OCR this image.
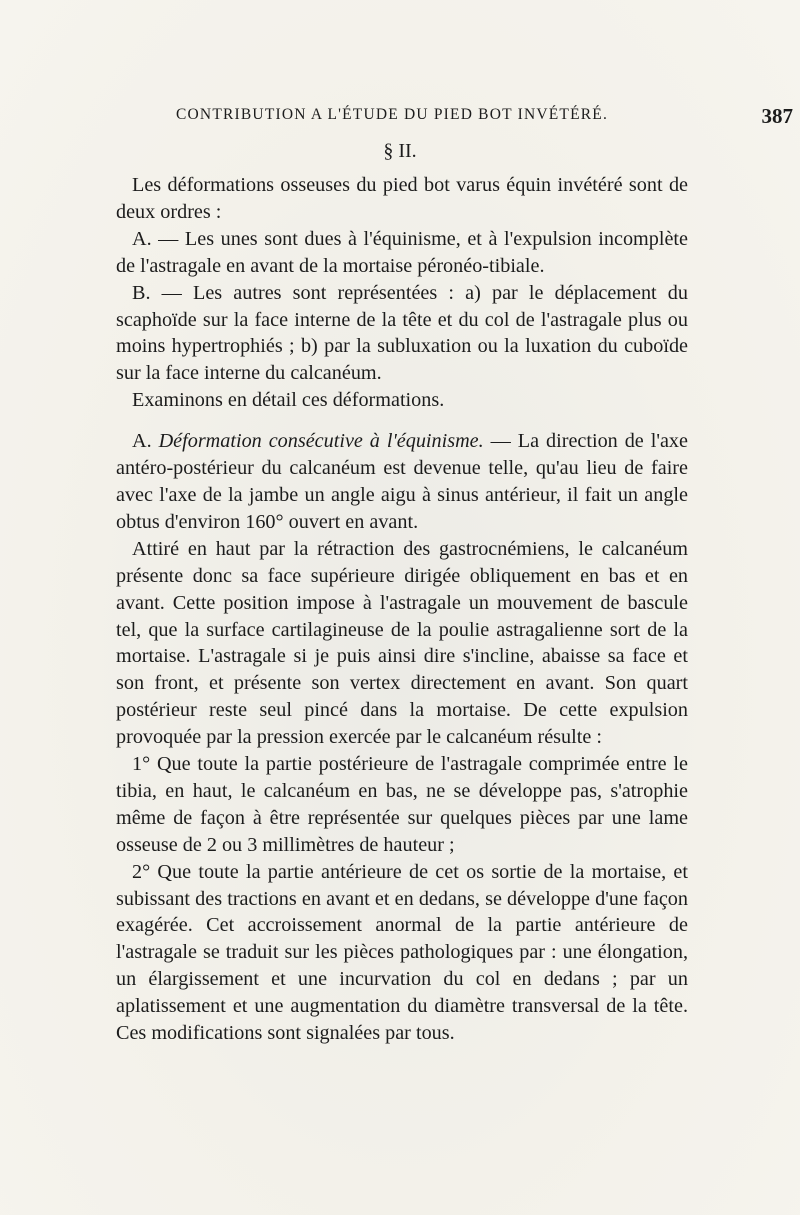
CONTRIBUTION A L'ÉTUDE DU PIED BOT INVÉTÉRÉ.	387
§ II.

Les déformations osseuses du pied bot varus équin invétéré sont de deux ordres :

A. — Les unes sont dues à l'équinisme, et à l'expulsion incomplète de l'astragale en avant de la mortaise péronéo-tibiale.

B. — Les autres sont représentées : a) par le déplacement du scaphoïde sur la face interne de la tête et du col de l'astragale plus ou moins hypertrophiés ; b) par la subluxation ou la luxation du cuboïde sur la face interne du calcanéum.

Examinons en détail ces déformations.

A. Déformation consécutive à l'équinisme. — La direction de l'axe antéro-postérieur du calcanéum est devenue telle, qu'au lieu de faire avec l'axe de la jambe un angle aigu à sinus antérieur, il fait un angle obtus d'environ 160° ouvert en avant.

Attiré en haut par la rétraction des gastrocnémiens, le calcanéum présente donc sa face supérieure dirigée obliquement en bas et en avant. Cette position impose à l'astragale un mouvement de bascule tel, que la surface cartilagineuse de la poulie astragalienne sort de la mortaise. L'astragale si je puis ainsi dire s'incline, abaisse sa face et son front, et présente son vertex directement en avant. Son quart postérieur reste seul pincé dans la mortaise. De cette expulsion provoquée par la pression exercée par le calcanéum résulte :

1° Que toute la partie postérieure de l'astragale comprimée entre le tibia, en haut, le calcanéum en bas, ne se développe pas, s'atrophie même de façon à être représentée sur quelques pièces par une lame osseuse de 2 ou 3 millimètres de hauteur ;

2° Que toute la partie antérieure de cet os sortie de la mortaise, et subissant des tractions en avant et en dedans, se développe d'une façon exagérée. Cet accroissement anormal de la partie antérieure de l'astragale se traduit sur les pièces pathologiques par : une élongation, un élargissement et une incurvation du col en dedans ; par un aplatissement et une augmentation du diamètre transversal de la tête. Ces modifications sont signalées par tous.
